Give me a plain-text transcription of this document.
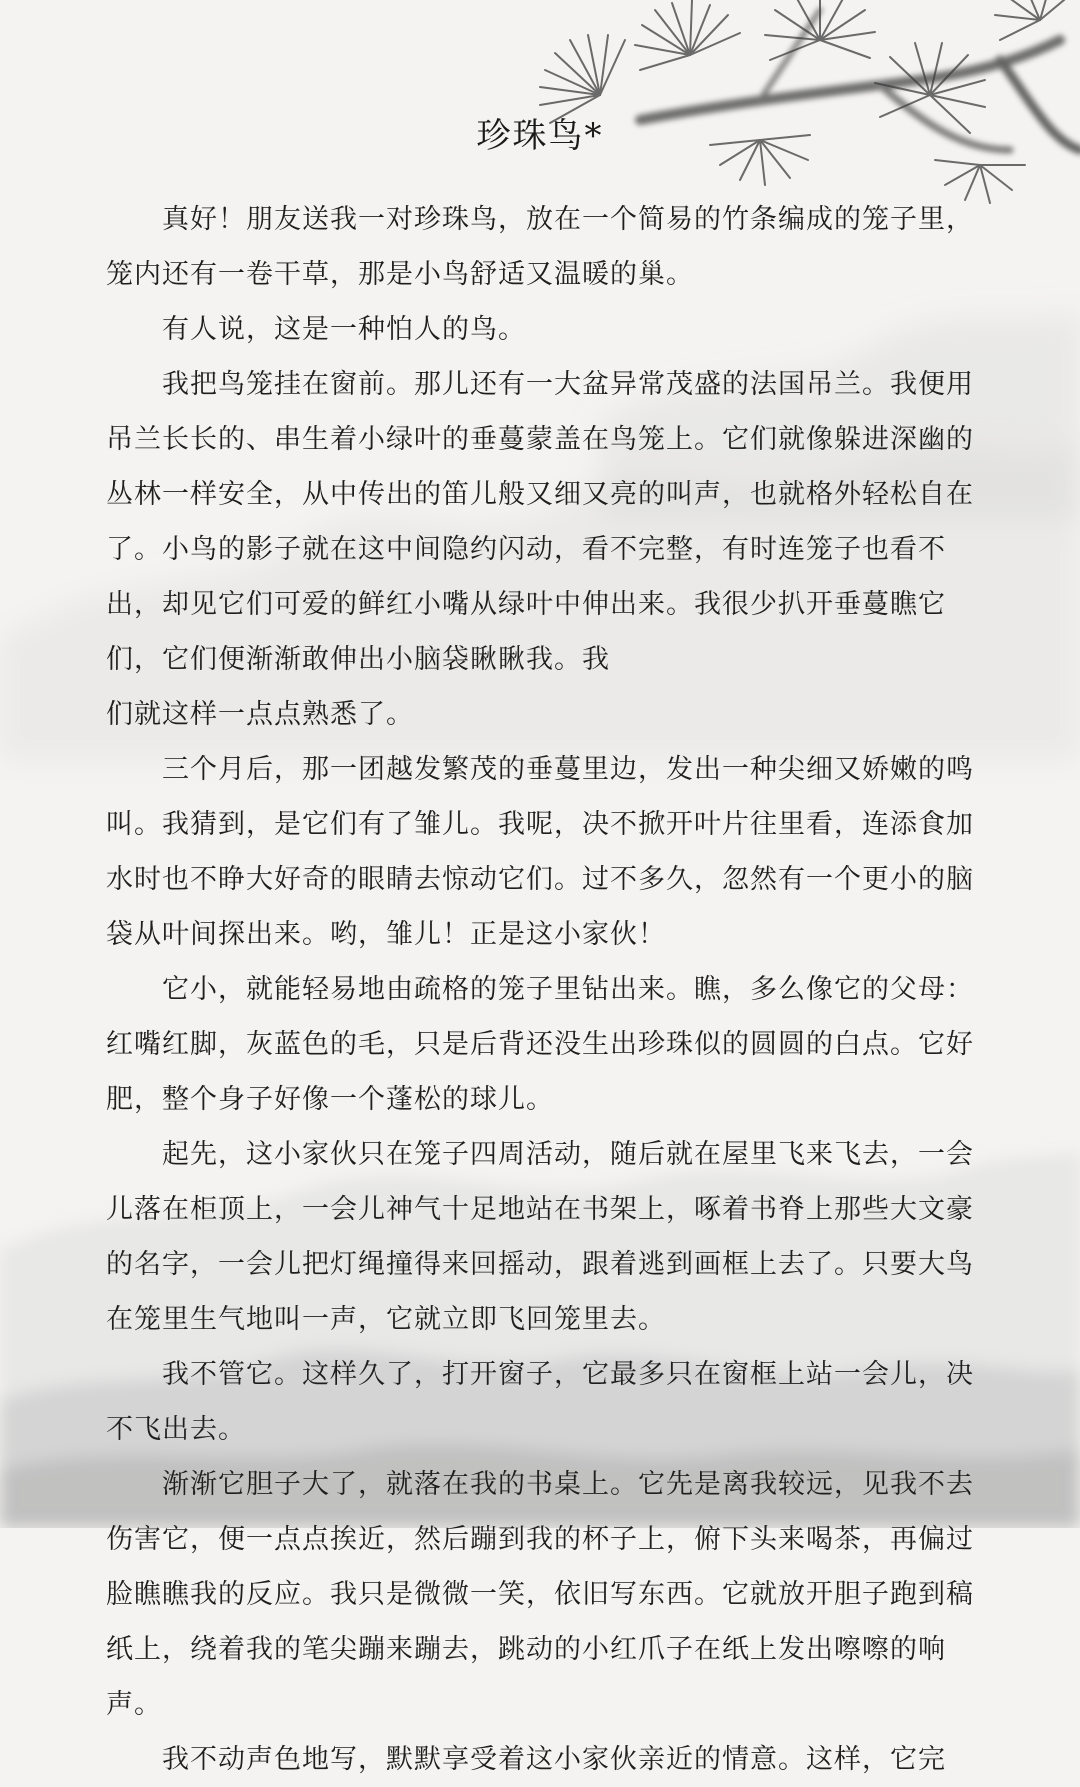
珍珠鸟*

真好！朋友送我一对珍珠鸟，放在一个简易的竹条编成的笼子里，笼内还有一卷干草，那是小鸟舒适又温暖的巢。

有人说，这是一种怕人的鸟。

我把鸟笼挂在窗前。那儿还有一大盆异常茂盛的法国吊兰。我便用吊兰长长的、串生着小绿叶的垂蔓蒙盖在鸟笼上。它们就像躲进深幽的丛林一样安全，从中传出的笛儿般又细又亮的叫声，也就格外轻松自在了。小鸟的影子就在这中间隐约闪动，看不完整，有时连笼子也看不出，却见它们可爱的鲜红小嘴从绿叶中伸出来。我很少扒开垂蔓瞧它们，它们便渐渐敢伸出小脑袋瞅瞅我。我

们就这样一点点熟悉了。

三个月后，那一团越发繁茂的垂蔓里边，发出一种尖细又娇嫩的鸣叫。我猜到，是它们有了雏儿。我呢，决不掀开叶片往里看，连添食加水时也不睁大好奇的眼睛去惊动它们。过不多久，忽然有一个更小的脑袋从叶间探出来。哟，雏儿！正是这小家伙！

它小，就能轻易地由疏格的笼子里钻出来。瞧，多么像它的父母：红嘴红脚，灰蓝色的毛，只是后背还没生出珍珠似的圆圆的白点。它好肥，整个身子好像一个蓬松的球儿。

起先，这小家伙只在笼子四周活动，随后就在屋里飞来飞去，一会儿落在柜顶上，一会儿神气十足地站在书架上，啄着书脊上那些大文豪的名字，一会儿把灯绳撞得来回摇动，跟着逃到画框上去了。只要大鸟在笼里生气地叫一声，它就立即飞回笼里去。

我不管它。这样久了，打开窗子，它最多只在窗框上站一会儿，决不飞出去。

渐渐它胆子大了，就落在我的书桌上。它先是离我较远，见我不去伤害它，便一点点挨近，然后蹦到我的杯子上，俯下头来喝茶，再偏过脸瞧瞧我的反应。我只是微微一笑，依旧写东西。它就放开胆子跑到稿纸上，绕着我的笔尖蹦来蹦去，跳动的小红爪子在纸上发出嚓嚓的响声。

我不动声色地写，默默享受着这小家伙亲近的情意。这样，它完
